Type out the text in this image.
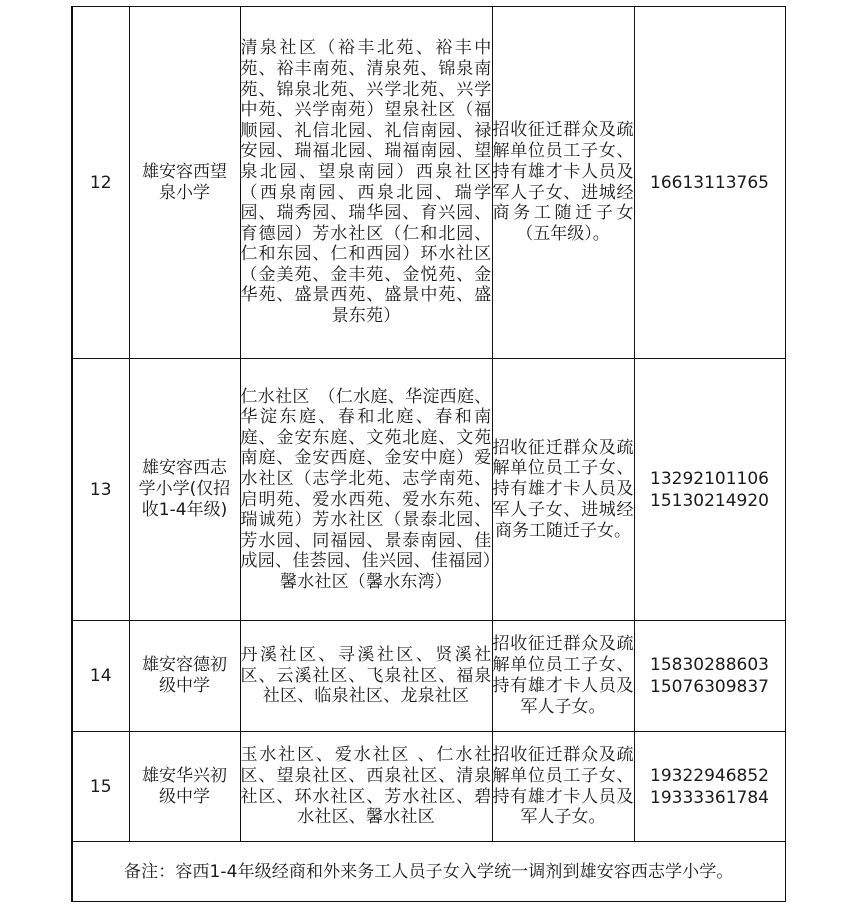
12	雄安容西望泉小学	清泉社区（裕丰北苑、裕丰中苑、裕丰南苑、清泉苑、锦泉南苑、锦泉北苑、兴学北苑、兴学中苑、兴学南苑）望泉社区（福顺园、礼信北园、礼信南园、禄安园、瑞福北园、瑞福南园、望泉北园、望泉南园）西泉社区（西泉南园、西泉北园、瑞学园、瑞秀园、瑞华园、育兴园、育德园）芳水社区（仁和北园、仁和东园、仁和西园）环水社区（金美苑、金丰苑、金悦苑、金华苑、盛景西苑、盛景中苑、盛景东苑）	招收征迁群众及疏解单位员工子女、持有雄才卡人员及军人子女、进城经商务工随迁子女（五年级）。	16613113765

13	雄安容西志学小学(仅招收1-4年级)	仁水社区　（仁水庭、华淀西庭、华淀东庭、春和北庭、春和南庭、金安东庭、文苑北庭、文苑南庭、金安西庭、金安中庭）爱水社区（志学北苑、志学南苑、启明苑、爱水西苑、爱水东苑、瑞诚苑）芳水社区（景泰北园、芳水园、同福园、景泰南园、佳成园、佳荟园、佳兴园、佳福园）馨水社区（馨水东湾）	招收征迁群众及疏解单位员工子女、持有雄才卡人员及军人子女、进城经商务工随迁子女。	13292101106
15130214920

14	雄安容德初级中学	丹溪社区、寻溪社区、贤溪社区、云溪社区、飞泉社区、福泉社区、临泉社区、龙泉社区	招收征迁群众及疏解单位员工子女、持有雄才卡人员及军人子女。	15830288603
15076309837

15	雄安华兴初级中学	玉水社区、爱水社区 、仁水社区、望泉社区、西泉社区、清泉社区、环水社区、芳水社区、碧水社区、馨水社区	招收征迁群众及疏解单位员工子女、持有雄才卡人员及军人子女。	19322946852
19333361784

备注：容西1-4年级经商和外来务工人员子女入学统一调剂到雄安容西志学小学。				
